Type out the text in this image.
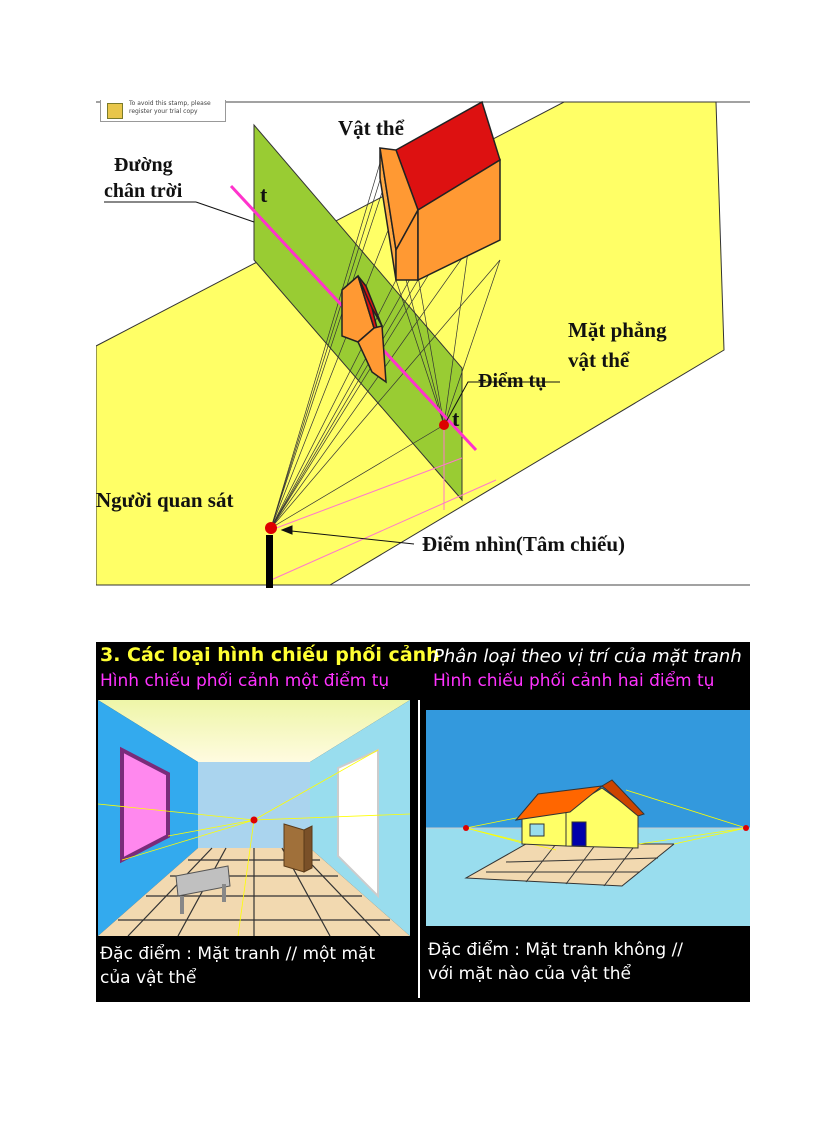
To avoid this stamp, please
register your trial copy
Vật thể
Đường
chân trời	t
Mặt phẳng
vật thể
Điểm tụ
t
Người quan sát
Điểm nhìn(Tâm chiếu)
3. Các loại hình chiếu phối cảnh
Phân loại theo vị trí của mặt tranh
Hình chiếu phối cảnh một điểm tụ	Hình chiếu phối cảnh hai điểm tụ
Đặc điểm : Mặt tranh // một mặt
của vật thể
Đặc điểm : Mặt tranh không //
với mặt nào của vật thể
